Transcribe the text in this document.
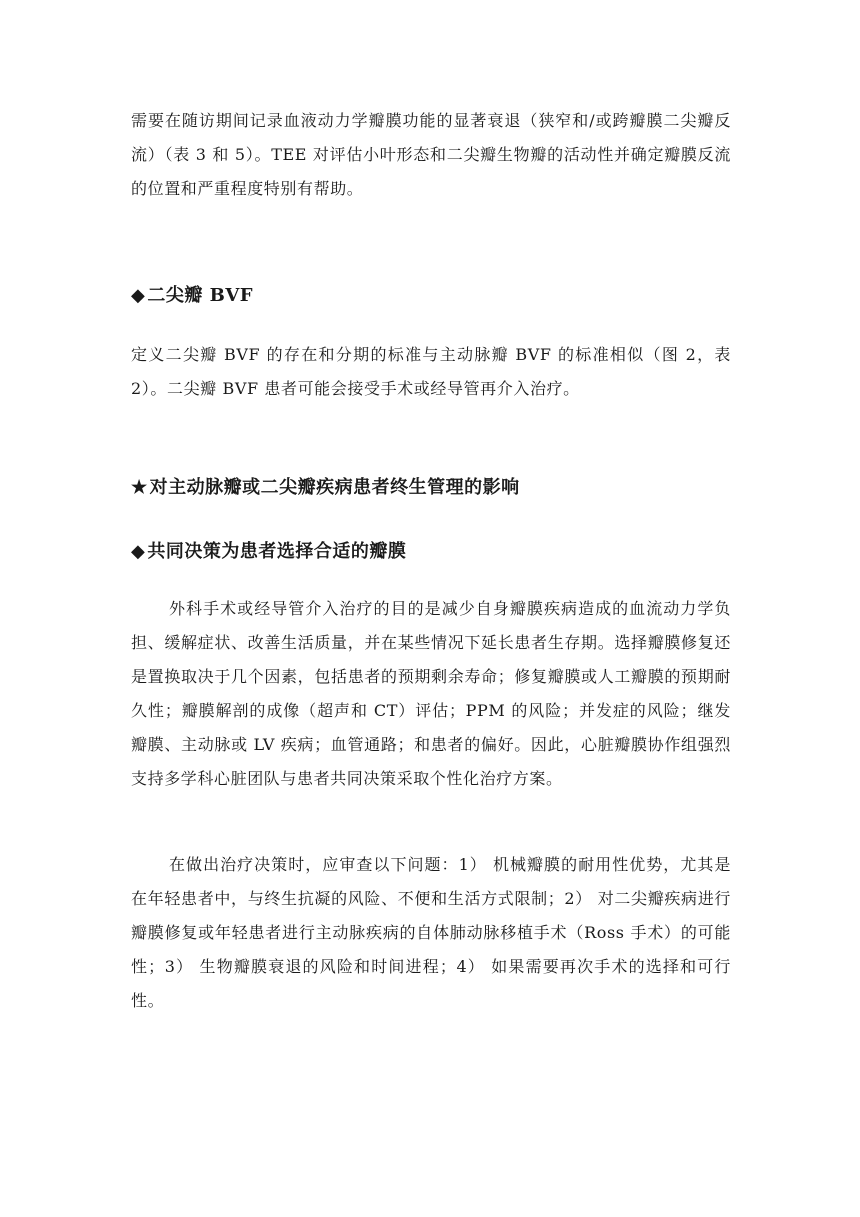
需要在随访期间记录血液动力学瓣膜功能的显著衰退（狭窄和/或跨瓣膜二尖瓣反流）（表 3 和 5）。TEE 对评估小叶形态和二尖瓣生物瓣的活动性并确定瓣膜反流的位置和严重程度特别有帮助。

◆ 二尖瓣 BVF

定义二尖瓣 BVF 的存在和分期的标准与主动脉瓣 BVF 的标准相似（图 2，表 2）。二尖瓣 BVF 患者可能会接受手术或经导管再介入治疗。

★ 对主动脉瓣或二尖瓣疾病患者终生管理的影响
◆ 共同决策为患者选择合适的瓣膜

外科手术或经导管介入治疗的目的是减少自身瓣膜疾病造成的血流动力学负担、缓解症状、改善生活质量，并在某些情况下延长患者生存期。选择瓣膜修复还是置换取决于几个因素，包括患者的预期剩余寿命；修复瓣膜或人工瓣膜的预期耐久性；瓣膜解剖的成像（超声和 CT）评估；PPM 的风险；并发症的风险；继发瓣膜、主动脉或 LV 疾病；血管通路；和患者的偏好。因此，心脏瓣膜协作组强烈支持多学科心脏团队与患者共同决策采取个性化治疗方案。

在做出治疗决策时，应审查以下问题：1） 机械瓣膜的耐用性优势，尤其是在年轻患者中，与终生抗凝的风险、不便和生活方式限制；2） 对二尖瓣疾病进行瓣膜修复或年轻患者进行主动脉疾病的自体肺动脉移植手术（Ross 手术）的可能性；3） 生物瓣膜衰退的风险和时间进程；4） 如果需要再次手术的选择和可行性。
